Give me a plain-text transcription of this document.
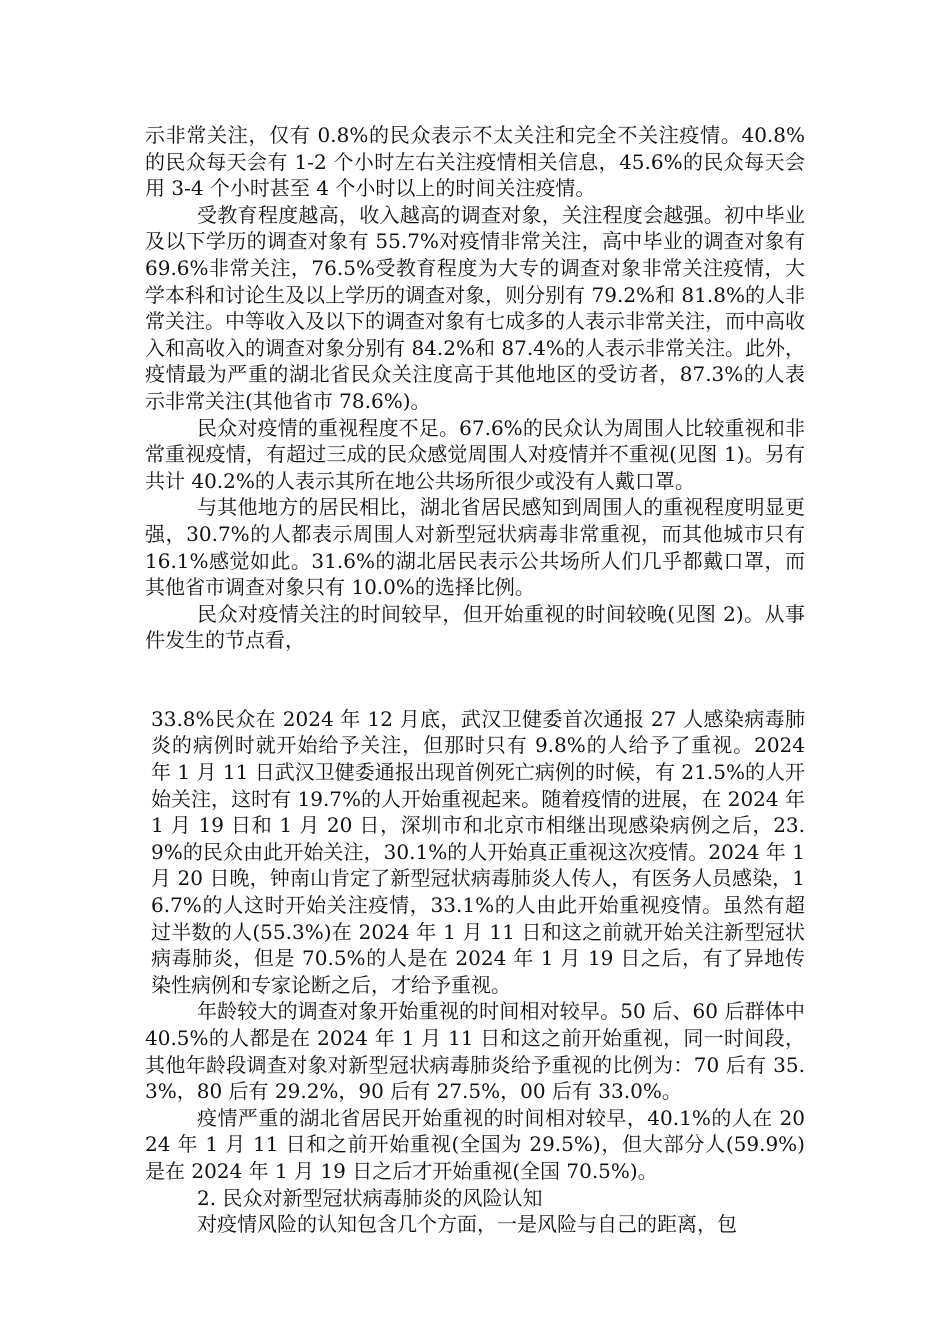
示非常关注，仅有 0.8%的民众表示不太关注和完全不关注疫情。40.8%的民众每天会有 1-2 个小时左右关注疫情相关信息，45.6%的民众每天会用 3-4 个小时甚至 4 个小时以上的时间关注疫情。

受教育程度越高，收入越高的调查对象，关注程度会越强。初中毕业及以下学历的调查对象有 55.7%对疫情非常关注，高中毕业的调查对象有 69.6%非常关注，76.5%受教育程度为大专的调查对象非常关注疫情，大学本科和讨论生及以上学历的调查对象，则分别有 79.2%和 81.8%的人非常关注。中等收入及以下的调查对象有七成多的人表示非常关注，而中高收入和高收入的调查对象分别有 84.2%和 87.4%的人表示非常关注。此外，疫情最为严重的湖北省民众关注度高于其他地区的受访者，87.3%的人表示非常关注(其他省市 78.6%)。

民众对疫情的重视程度不足。67.6%的民众认为周围人比较重视和非常重视疫情，有超过三成的民众感觉周围人对疫情并不重视(见图 1)。另有共计 40.2%的人表示其所在地公共场所很少或没有人戴口罩。

与其他地方的居民相比，湖北省居民感知到周围人的重视程度明显更强，30.7%的人都表示周围人对新型冠状病毒非常重视，而其他城市只有 16.1%感觉如此。31.6%的湖北居民表示公共场所人们几乎都戴口罩，而其他省市调查对象只有 10.0%的选择比例。

民众对疫情关注的时间较早，但开始重视的时间较晚(见图 2)。从事件发生的节点看，

33.8%民众在 2024 年 12 月底，武汉卫健委首次通报 27 人感染病毒肺炎的病例时就开始给予关注，但那时只有 9.8%的人给予了重视。2024 年 1 月 11 日武汉卫健委通报出现首例死亡病例的时候，有 21.5%的人开始关注，这时有 19.7%的人开始重视起来。随着疫情的进展，在 2024 年 1 月 19 日和 1 月 20 日，深圳市和北京市相继出现感染病例之后，23.9%的民众由此开始关注，30.1%的人开始真正重视这次疫情。2024 年 1 月 20 日晚，钟南山肯定了新型冠状病毒肺炎人传人，有医务人员感染，16.7%的人这时开始关注疫情，33.1%的人由此开始重视疫情。虽然有超过半数的人(55.3%)在 2024 年 1 月 11 日和这之前就开始关注新型冠状病毒肺炎，但是 70.5%的人是在 2024 年 1 月 19 日之后，有了异地传染性病例和专家论断之后，才给予重视。

年龄较大的调查对象开始重视的时间相对较早。50 后、60 后群体中 40.5%的人都是在 2024 年 1 月 11 日和这之前开始重视，同一时间段，其他年龄段调查对象对新型冠状病毒肺炎给予重视的比例为：70 后有 35.3%，80 后有 29.2%，90 后有 27.5%，00 后有 33.0%。

疫情严重的湖北省居民开始重视的时间相对较早，40.1%的人在 2024 年 1 月 11 日和之前开始重视(全国为 29.5%)，但大部分人(59.9%)是在 2024 年 1 月 19 日之后才开始重视(全国 70.5%)。

2. 民众对新型冠状病毒肺炎的风险认知

对疫情风险的认知包含几个方面，一是风险与自己的距离，包
